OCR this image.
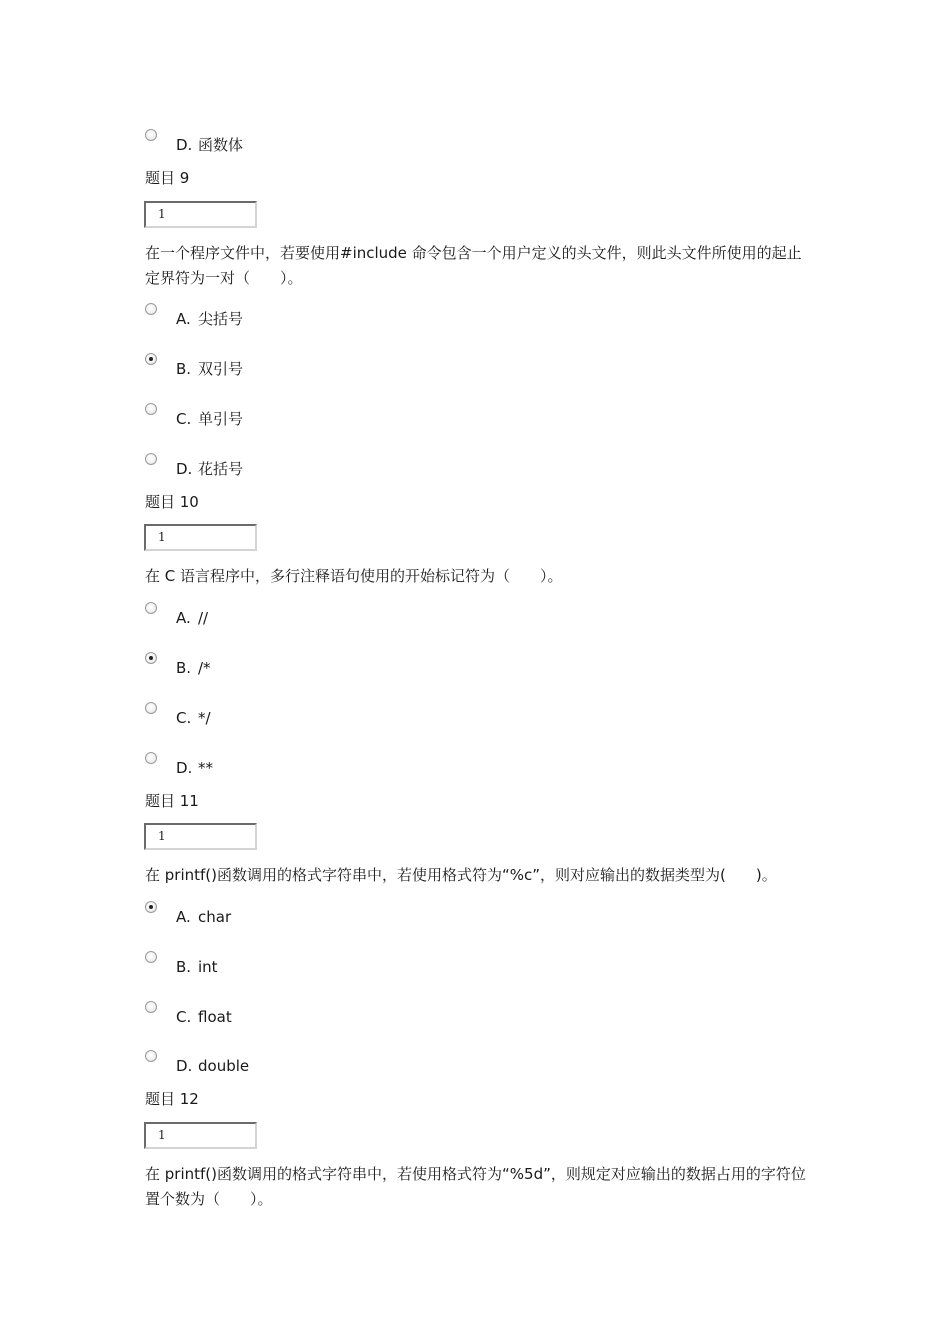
D. 函数体
题目 9
1
在一个程序文件中，若要使用#include 命令包含一个用户定义的头文件，则此头文件所使用的起止定界符为一对（　　）。
A. 尖括号
B. 双引号
C. 单引号
D. 花括号
题目 10
1
在 C 语言程序中，多行注释语句使用的开始标记符为（　　）。
A. //
B. /*
C. */
D. **
题目 11
1
在 printf()函数调用的格式字符串中，若使用格式符为“%c”，则对应输出的数据类型为(　　)。
A. char
B. int
C. float
D. double
题目 12
1
在 printf()函数调用的格式字符串中，若使用格式符为“%5d”，则规定对应输出的数据占用的字符位置个数为（　　）。
